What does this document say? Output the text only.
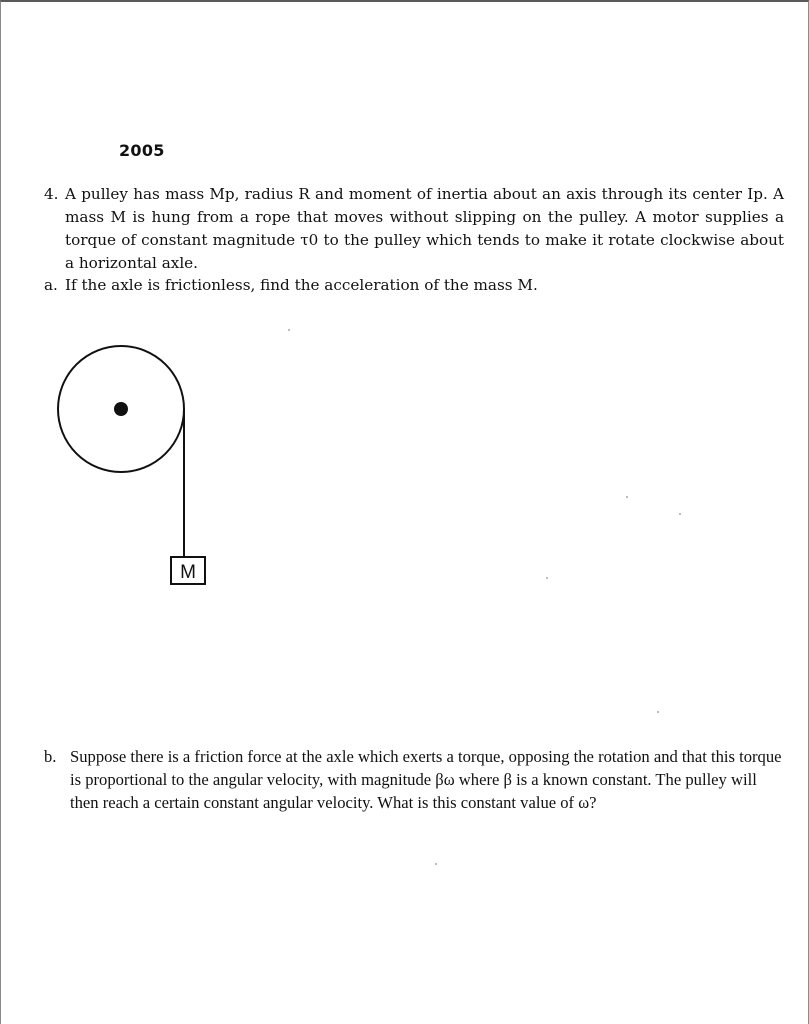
2005
4. A pulley has mass Mp, radius R and moment of inertia about an axis through its center Ip. A mass M is hung from a rope that moves without slipping on the pulley. A motor supplies a torque of constant magnitude τ0 to the pulley which tends to make it rotate clockwise about a horizontal axle.
a. If the axle is frictionless, find the acceleration of the mass M.
M
b. Suppose there is a friction force at the axle which exerts a torque, opposing the rotation and that this torque is proportional to the angular velocity, with magnitude βω where β is a known constant. The pulley will then reach a certain constant angular velocity. What is this constant value of ω?
